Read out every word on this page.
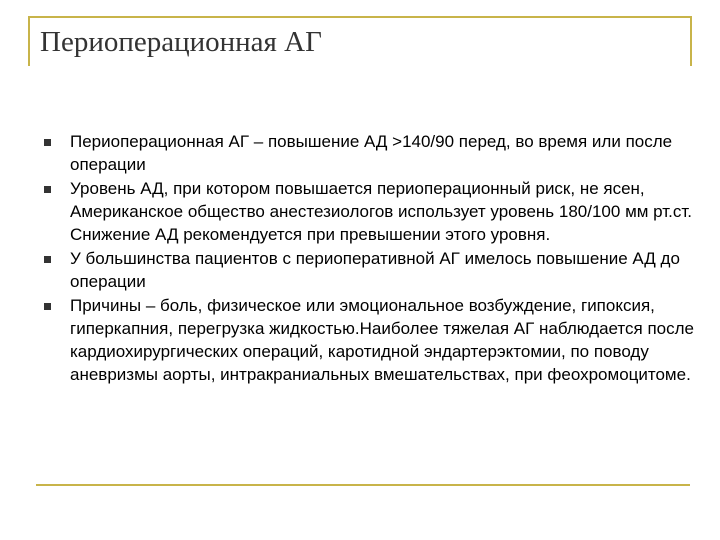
Периоперационная АГ
Периоперационная АГ – повышение АД >140/90 перед, во время или после операции
Уровень АД, при котором повышается периоперационный риск, не ясен, Американское общество анестезиологов использует уровень 180/100 мм рт.ст. Снижение АД рекомендуется при превышении этого уровня.
У большинства пациентов с периоперативной АГ имелось повышение АД до операции
Причины – боль, физическое или эмоциональное возбуждение, гипоксия, гиперкапния, перегрузка жидкостью.Наиболее тяжелая АГ наблюдается после кардиохирургических операций, каротидной эндартерэктомии, по поводу аневризмы аорты, интракраниальных вмешательствах, при феохромоцитоме.
